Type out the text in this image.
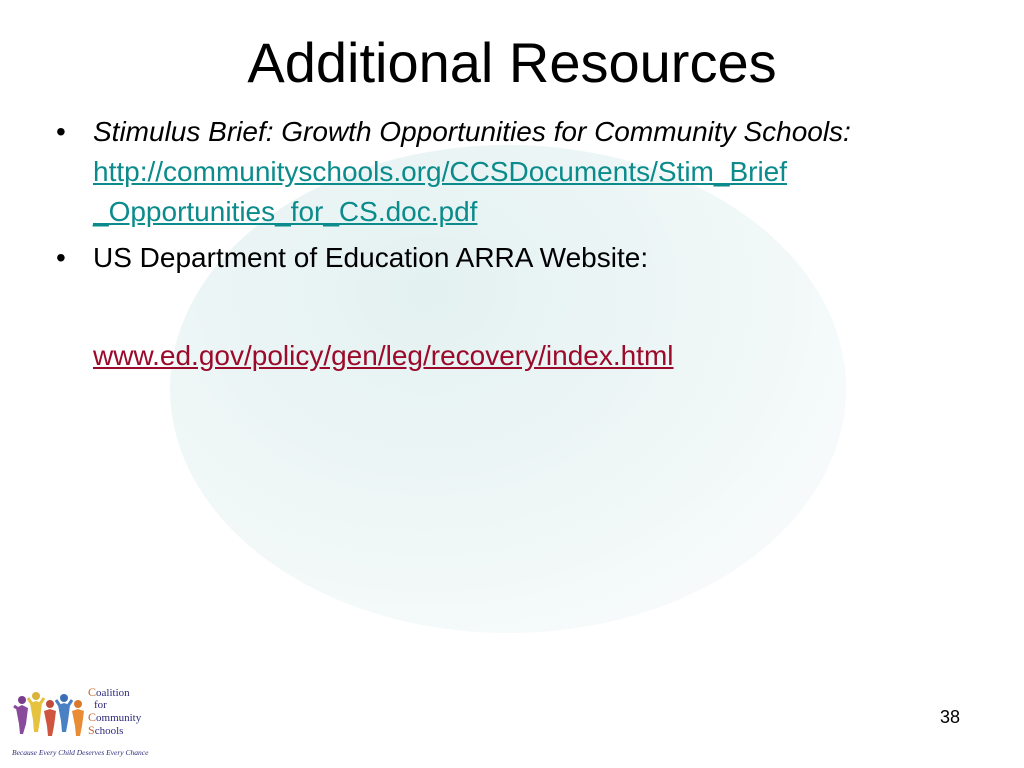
Additional Resources
• Stimulus Brief: Growth Opportunities for Community Schools:
http://communityschools.org/CCSDocuments/Stim_Brief
_Opportunities_for_CS.doc.pdf
• US Department of Education ARRA Website:
www.ed.gov/policy/gen/leg/recovery/index.html
38
Coalition
for
Community
Schools
Because Every Child Deserves Every Chance
